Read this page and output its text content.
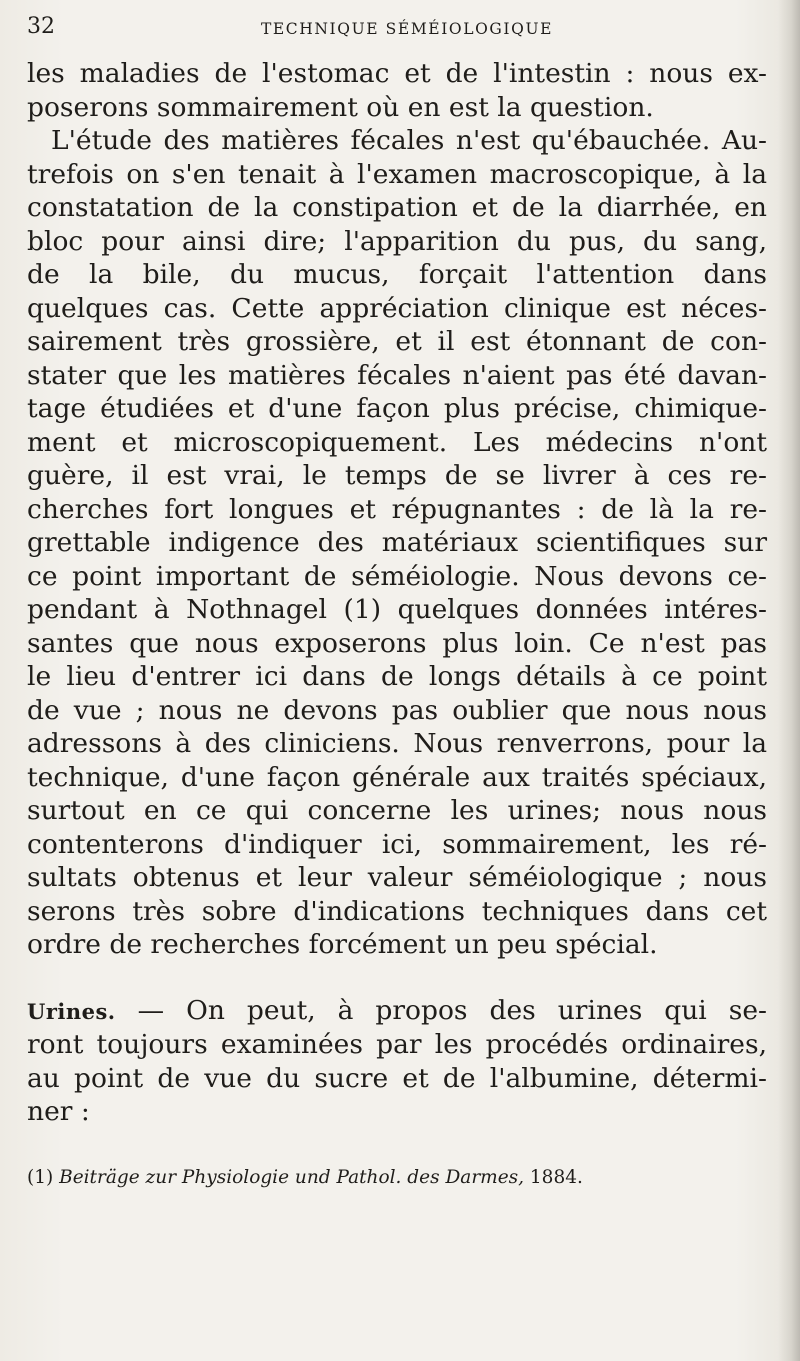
32	TECHNIQUE SÉMÉIOLOGIQUE
les maladies de l'estomac et de l'intestin : nous ex-
poserons sommairement où en est la question.
L'étude des matières fécales n'est qu'ébauchée. Au-
trefois on s'en tenait à l'examen macroscopique, à la
constatation de la constipation et de la diarrhée, en
bloc pour ainsi dire; l'apparition du pus, du sang,
de la bile, du mucus, forçait l'attention dans
quelques cas. Cette appréciation clinique est néces-
sairement très grossière, et il est étonnant de con-
stater que les matières fécales n'aient pas été davan-
tage étudiées et d'une façon plus précise, chimique-
ment et microscopiquement. Les médecins n'ont
guère, il est vrai, le temps de se livrer à ces re-
cherches fort longues et répugnantes : de là la re-
grettable indigence des matériaux scientifiques sur
ce point important de séméiologie. Nous devons ce-
pendant à Nothnagel (1) quelques données intéres-
santes que nous exposerons plus loin. Ce n'est pas
le lieu d'entrer ici dans de longs détails à ce point
de vue ; nous ne devons pas oublier que nous nous
adressons à des cliniciens. Nous renverrons, pour la
technique, d'une façon générale aux traités spéciaux,
surtout en ce qui concerne les urines; nous nous
contenterons d'indiquer ici, sommairement, les ré-
sultats obtenus et leur valeur séméiologique ; nous
serons très sobre d'indications techniques dans cet
ordre de recherches forcément un peu spécial.
Urines. — On peut, à propos des urines qui se-
ront toujours examinées par les procédés ordinaires,
au point de vue du sucre et de l'albumine, détermi-
ner :
(1) Beiträge zur Physiologie und Pathol. des Darmes, 1884.
